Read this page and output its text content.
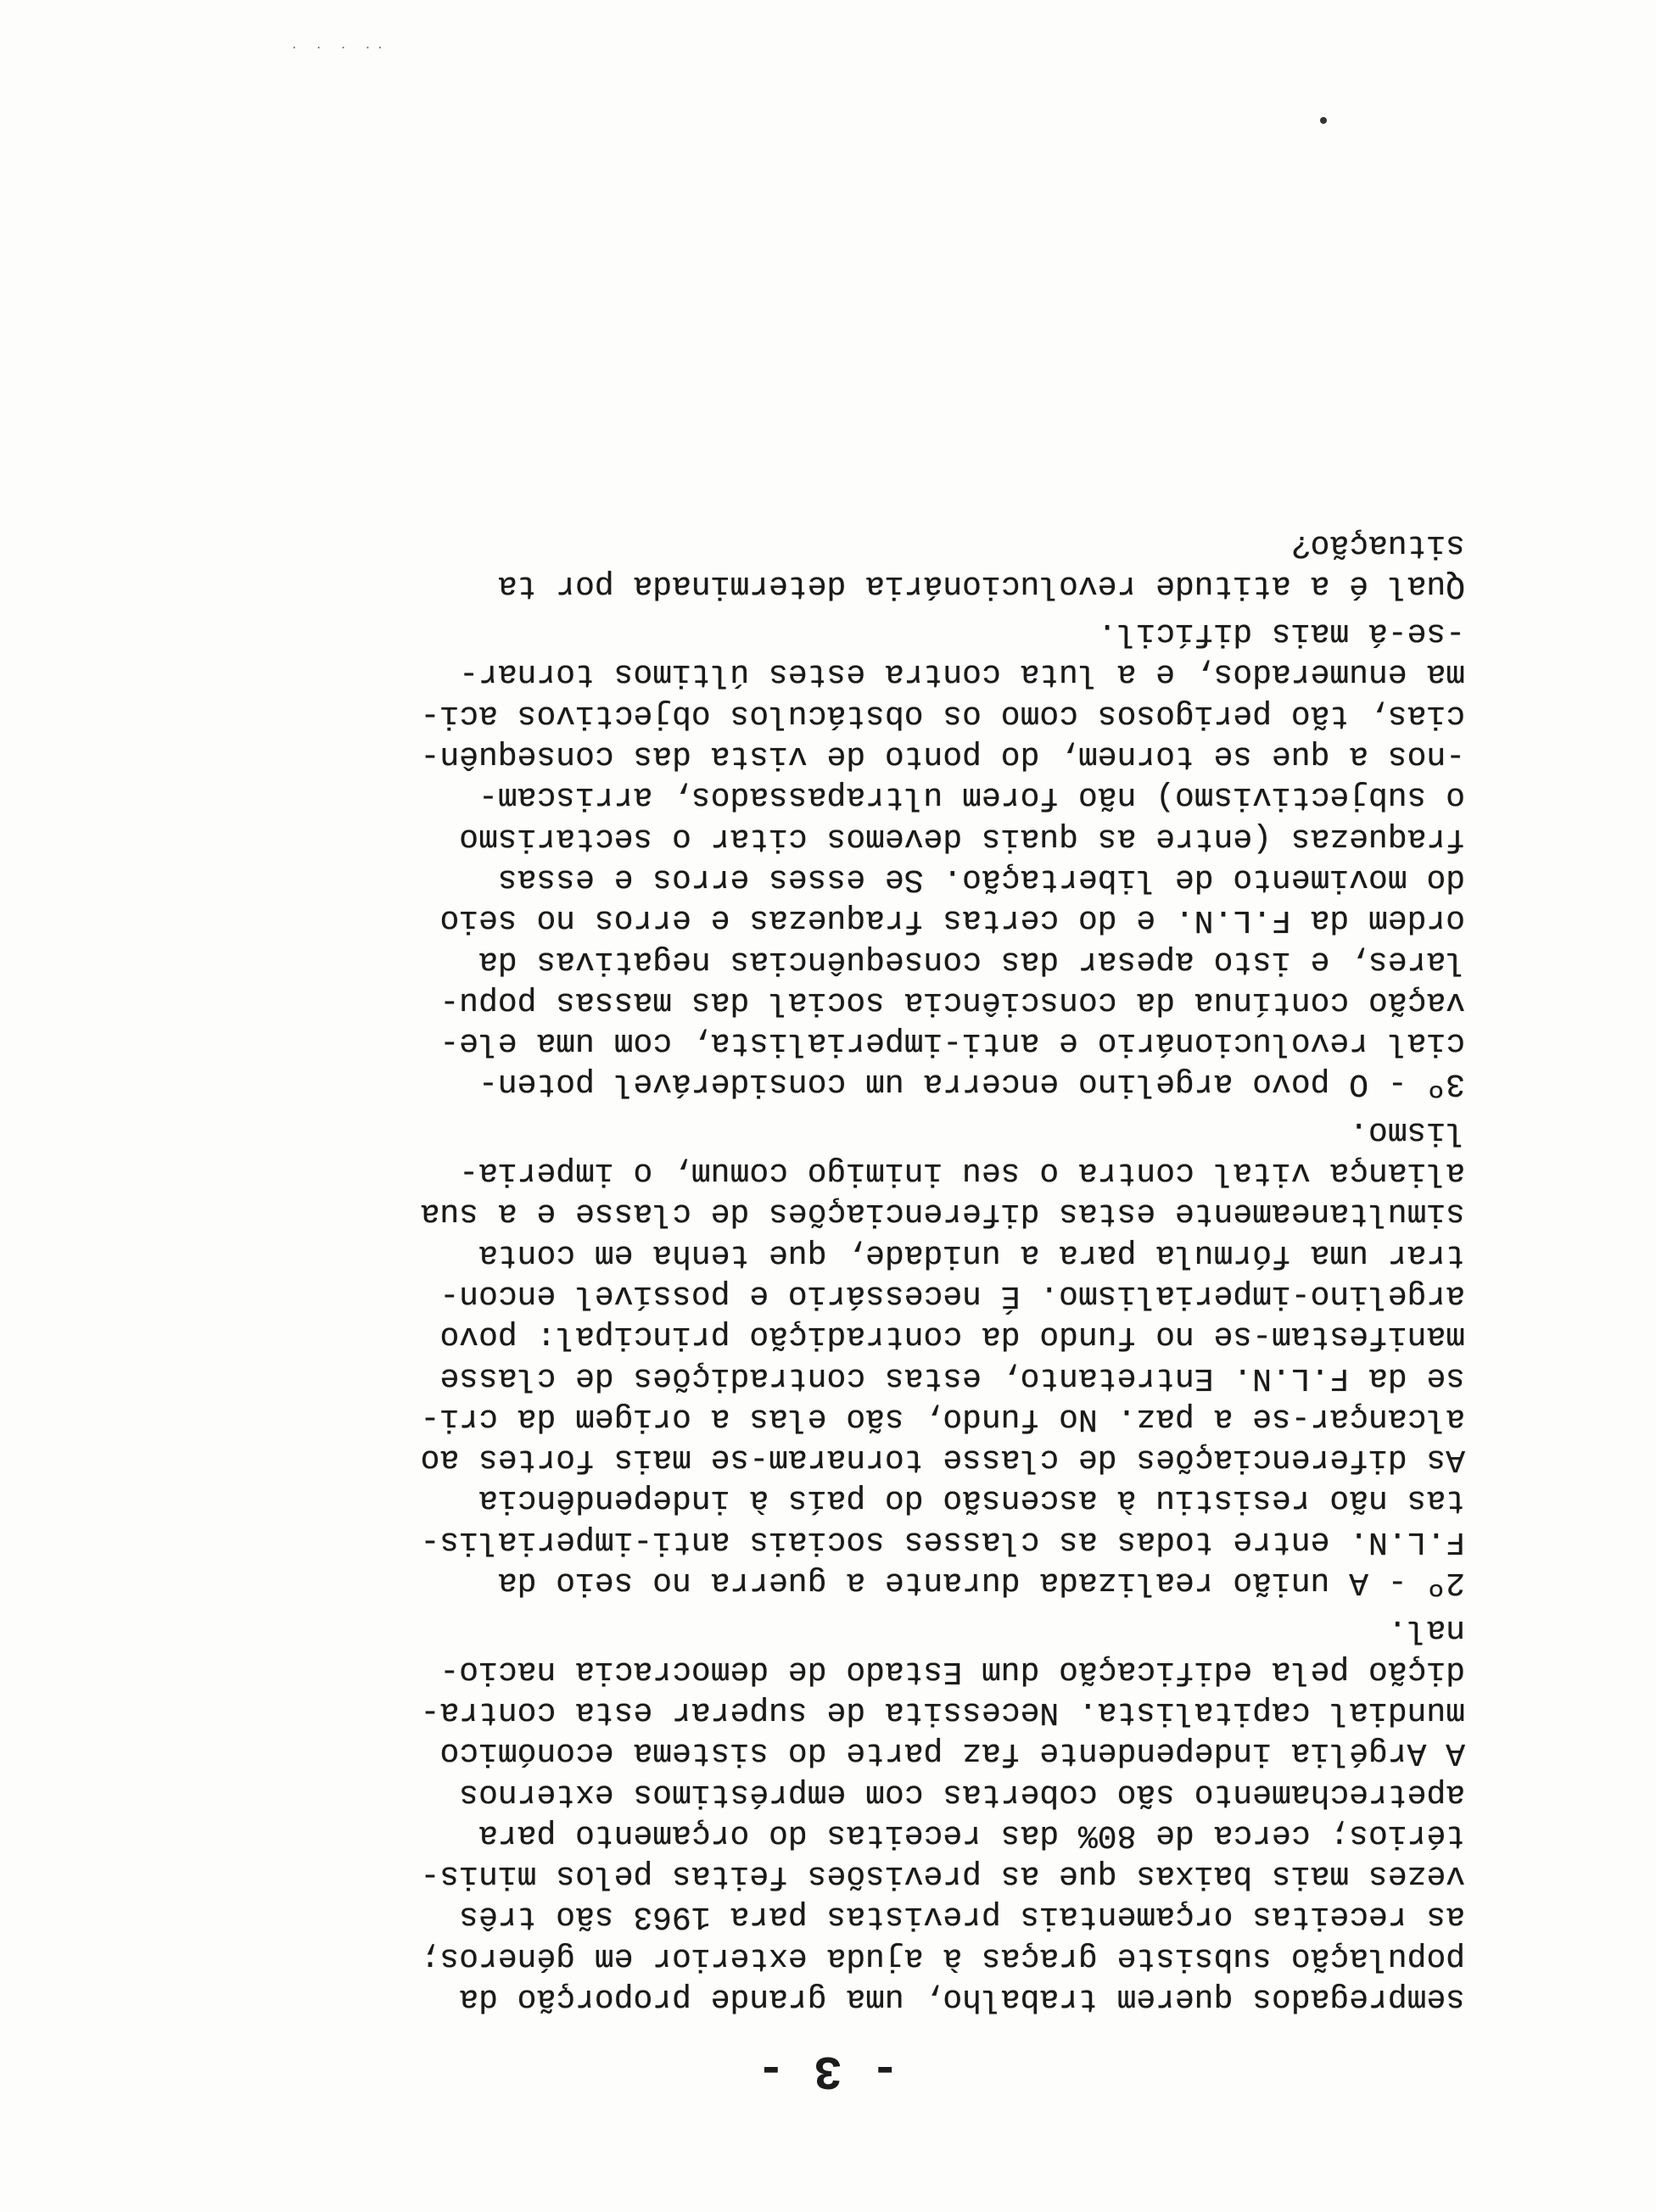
- 3 -
sempregados querem trabalho, uma grande proporção da
população subsiste graças à ajuda exterior em géneros;
as receitas orçamentais previstas para 1963 são três
vezes mais baixas que as previsões feitas pelos minis-
térios; cerca de 80% das receitas do orçamento para
apetrechamento são cobertas com empréstimos externos
A Argélia independente faz parte do sistema económico
mundial capitalista. Necessita de superar esta contra-
dição pela edificação dum Estado de democracia nacio-
nal.
2º - A união realizada durante a guerra no seio da
F.L.N. entre todas as classes sociais anti-imperialis-
tas não resistiu à ascensão do país à independência
As diferenciações de classe tornaram-se mais fortes ao
alcançar-se a paz. No fundo, são elas a origem da cri-
se da F.L.N. Entretanto, estas contradições de classe
manifestam-se no fundo da contradição principal: povo
argelino-imperialismo. É necessário e possível encon-
trar uma fórmula para a unidade, que tenha em conta
simultaneamente estas diferenciações de classe e a sua
aliança vital contra o seu inimigo comum, o imperia-
lismo.
3º - O povo argelino encerra um considerável poten-
cial revolucionário e anti-imperialista, com uma ele-
vação contínua da consciência social das massas popu-
lares, e isto apesar das consequências negativas da
ordem da F.L.N. e do certas fraquezas e erros no seio
do movimento de libertação. Se esses erros e essas
fraquezas (entre as quais devemos citar o sectarismo
o subjectivismo) não forem ultrapassados, arriscam-
-nos a que se tornem, do ponto de vista das consequên-
cias, tão perigosos como os obstáculos objectivos aci-
ma enumerados, e a luta contra estes últimos tornar-
-se-á mais difícil.
Qual é a atitude revolucionária determinada por ta
situação?
·· · · ·
